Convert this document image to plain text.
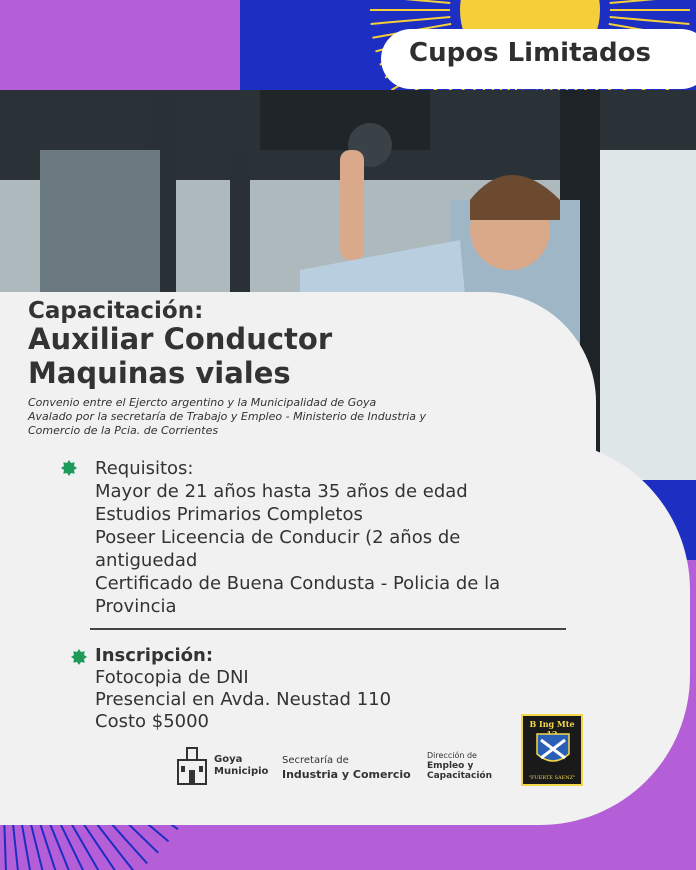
Cupos Limitados
Capacitación:
Auxiliar Conductor
Maquinas viales
Convenio entre el Ejercto argentino y la Municipalidad de Goya
Avalado por la secretaría de Trabajo y Empleo - Ministerio de Industria y
Comercio de la Pcia. de Corrientes
Requisitos:
Mayor de 21 años hasta 35 años de edad
Estudios Primarios Completos
Poseer Liceencia de Conducir (2 años de antiguedad
Certificado de Buena Condusta - Policia de la Provincia
Inscripción:
Fotocopia de DNI
Presencial en Avda. Neustad 110
Costo $5000
Goya
Municipio
Secretaría de
Industria y Comercio
Dirección de
Empleo y
Capacitación
B Ing Mte
"FUERTE SAENZ"
